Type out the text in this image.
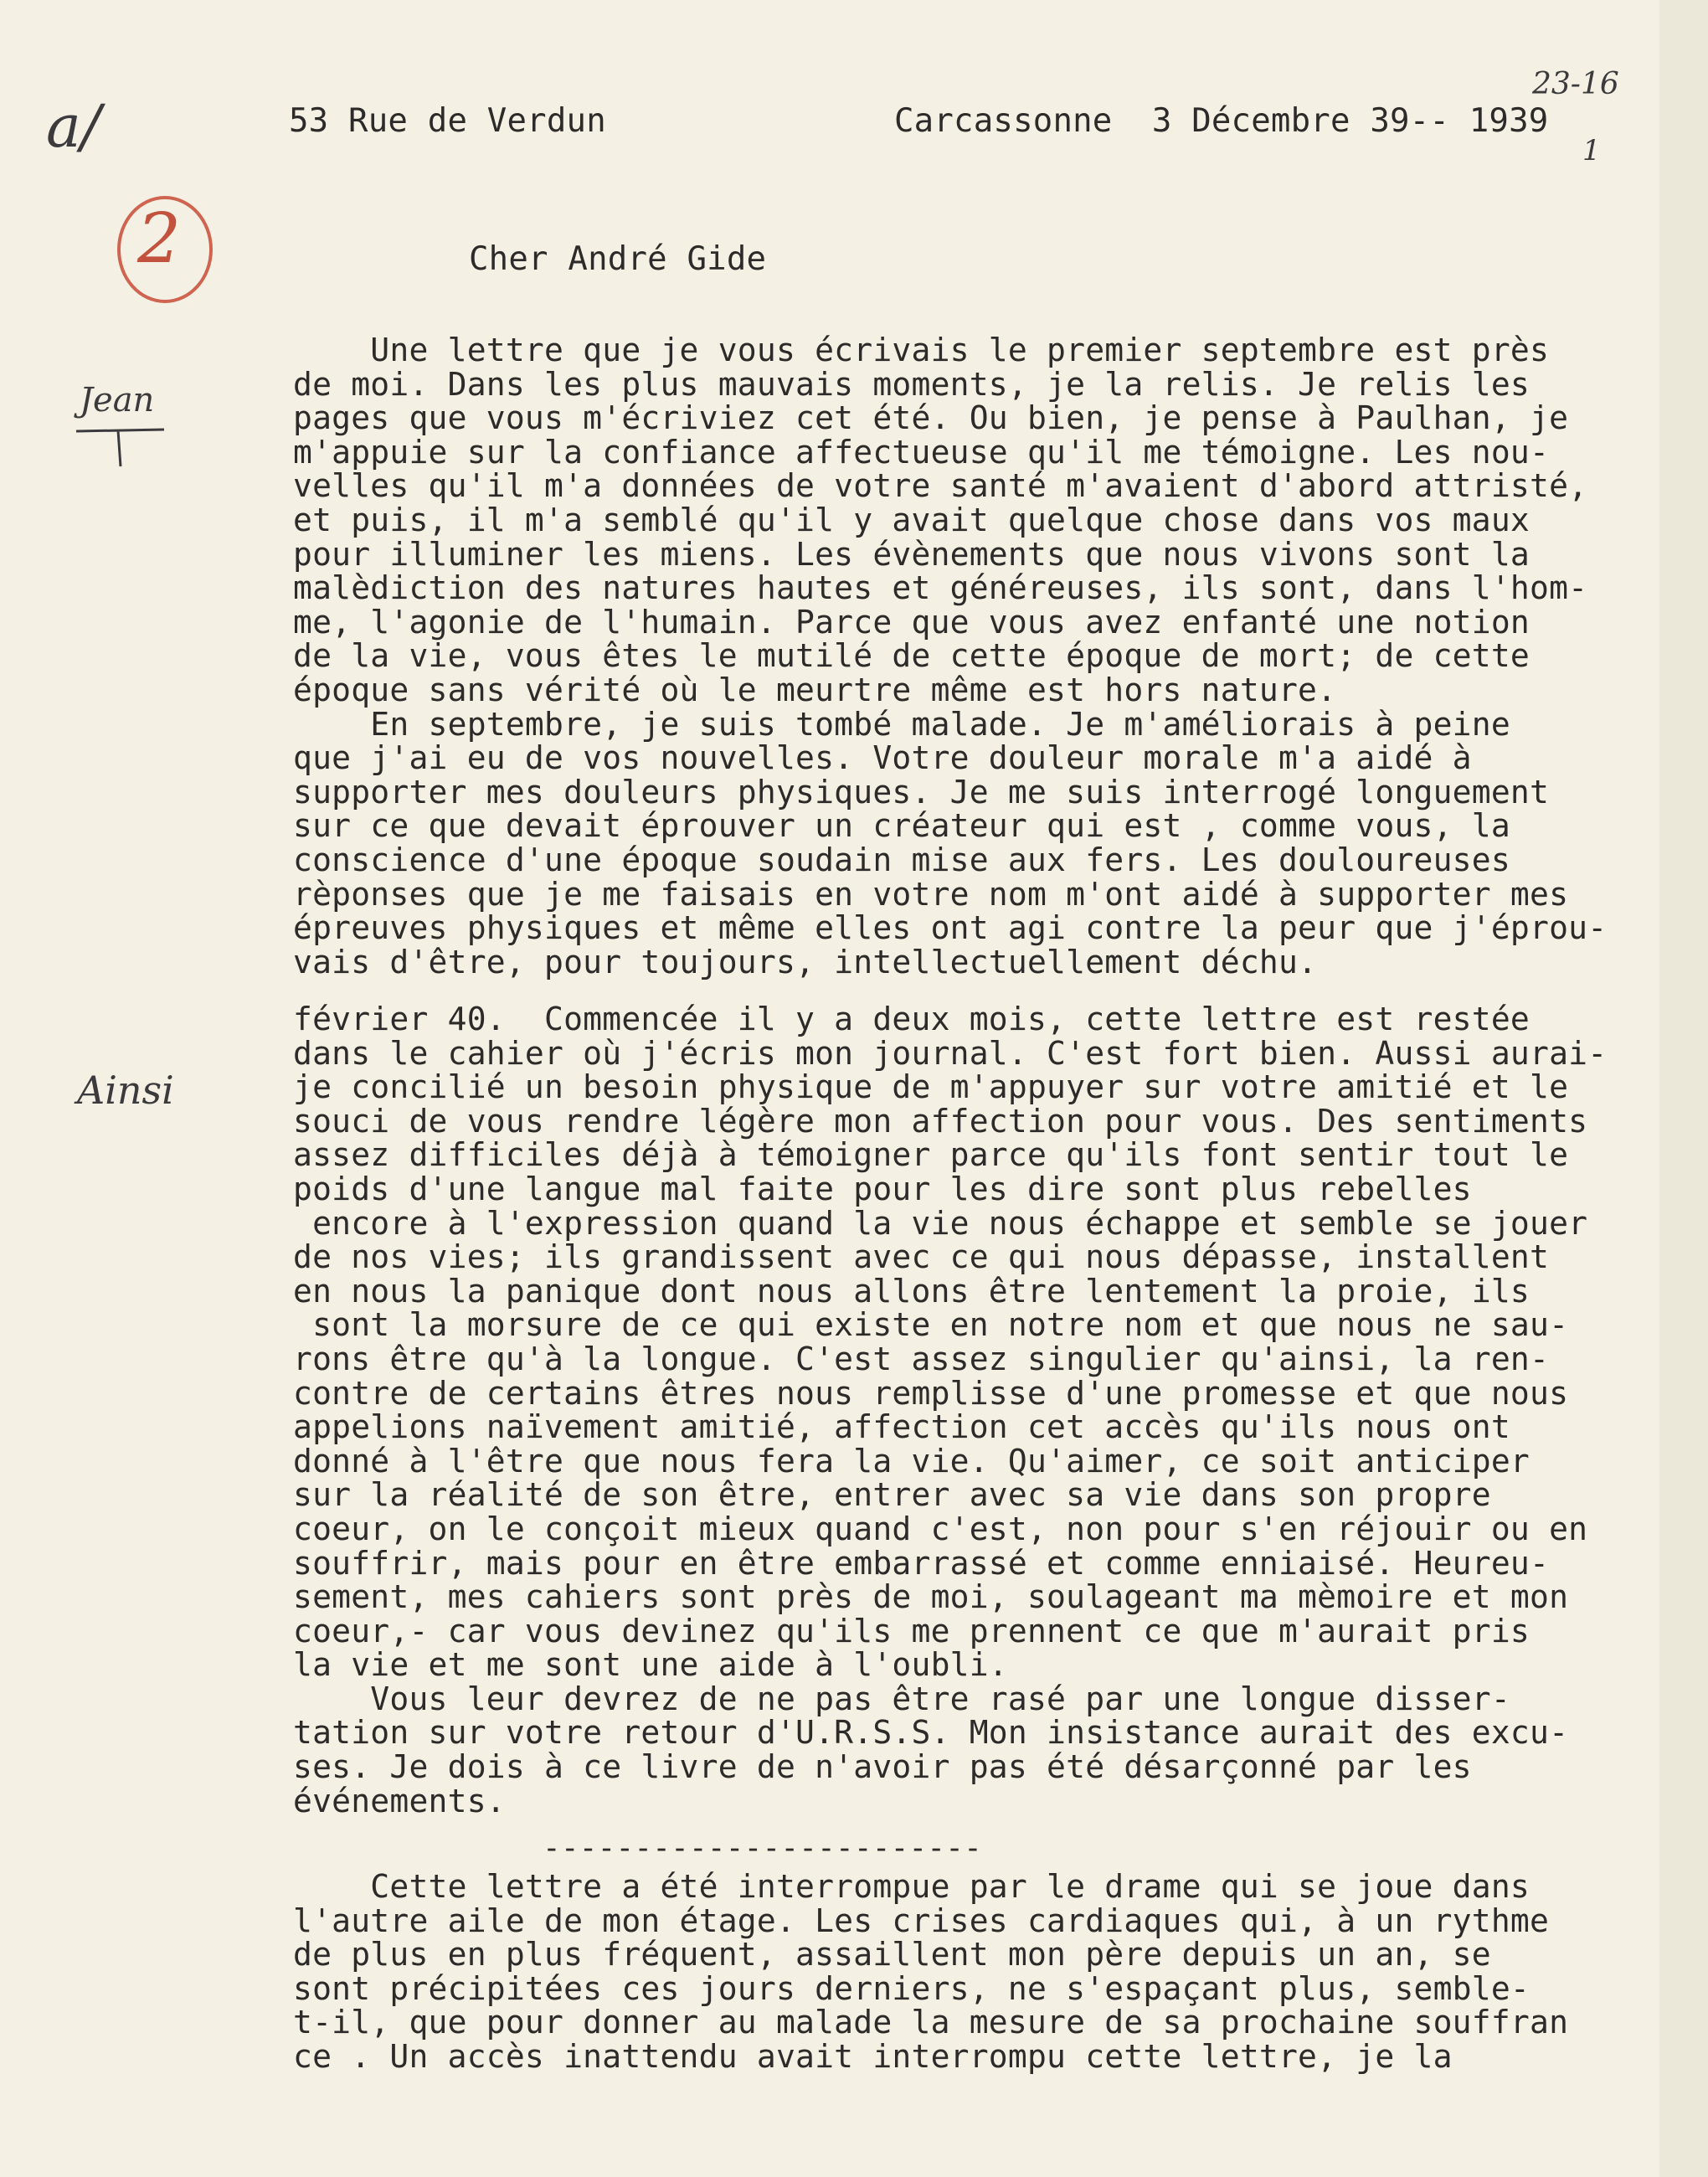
53 Rue de Verdun	Carcassonne  3 Décembre 39-- 1939
23-16
1
a/
2
Jean
Ainsi
Cher André Gide
Une lettre que je vous écrivais le premier septembre est près
de moi. Dans les plus mauvais moments, je la relis. Je relis les
pages que vous m'écriviez cet été. Ou bien, je pense à Paulhan, je
m'appuie sur la confiance affectueuse qu'il me témoigne. Les nou-
velles qu'il m'a données de votre santé m'avaient d'abord attristé,
et puis, il m'a semblé qu'il y avait quelque chose dans vos maux
pour illuminer les miens. Les évènements que nous vivons sont la
malèdiction des natures hautes et généreuses, ils sont, dans l'hom-
me, l'agonie de l'humain. Parce que vous avez enfanté une notion
de la vie, vous êtes le mutilé de cette époque de mort; de cette
époque sans vérité où le meurtre même est hors nature.
En septembre, je suis tombé malade. Je m'améliorais à peine
que j'ai eu de vos nouvelles. Votre douleur morale m'a aidé à
supporter mes douleurs physiques. Je me suis interrogé longuement
sur ce que devait éprouver un créateur qui est , comme vous, la
conscience d'une époque soudain mise aux fers. Les douloureuses
rèponses que je me faisais en votre nom m'ont aidé à supporter mes
épreuves physiques et même elles ont agi contre la peur que j'éprou-
vais d'être, pour toujours, intellectuellement déchu.
février 40.  Commencée il y a deux mois, cette lettre est restée
dans le cahier où j'écris mon journal. C'est fort bien. Aussi aurai-
je concilié un besoin physique de m'appuyer sur votre amitié et le
souci de vous rendre légère mon affection pour vous. Des sentiments
assez difficiles déjà à témoigner parce qu'ils font sentir tout le
poids d'une langue mal faite pour les dire sont plus rebelles
encore à l'expression quand la vie nous échappe et semble se jouer
de nos vies; ils grandissent avec ce qui nous dépasse, installent
en nous la panique dont nous allons être lentement la proie, ils
sont la morsure de ce qui existe en notre nom et que nous ne sau-
rons être qu'à la longue. C'est assez singulier qu'ainsi, la ren-
contre de certains êtres nous remplisse d'une promesse et que nous
appelions naïvement amitié, affection cet accès qu'ils nous ont
donné à l'être que nous fera la vie. Qu'aimer, ce soit anticiper
sur la réalité de son être, entrer avec sa vie dans son propre
coeur, on le conçoit mieux quand c'est, non pour s'en réjouir ou en
souffrir, mais pour en être embarrassé et comme enniaisé. Heureu-
sement, mes cahiers sont près de moi, soulageant ma mèmoire et mon
coeur,- car vous devinez qu'ils me prennent ce que m'aurait pris
la vie et me sont une aide à l'oubli.
Vous leur devrez de ne pas être rasé par une longue disser-
tation sur votre retour d'U.R.S.S. Mon insistance aurait des excu-
ses. Je dois à ce livre de n'avoir pas été désarçonné par les
événements.
------------------------
Cette lettre a été interrompue par le drame qui se joue dans
l'autre aile de mon étage. Les crises cardiaques qui, à un rythme
de plus en plus fréquent, assaillent mon père depuis un an, se
sont précipitées ces jours derniers, ne s'espaçant plus, semble-
t-il, que pour donner au malade la mesure de sa prochaine souffran
ce . Un accès inattendu avait interrompu cette lettre, je la
